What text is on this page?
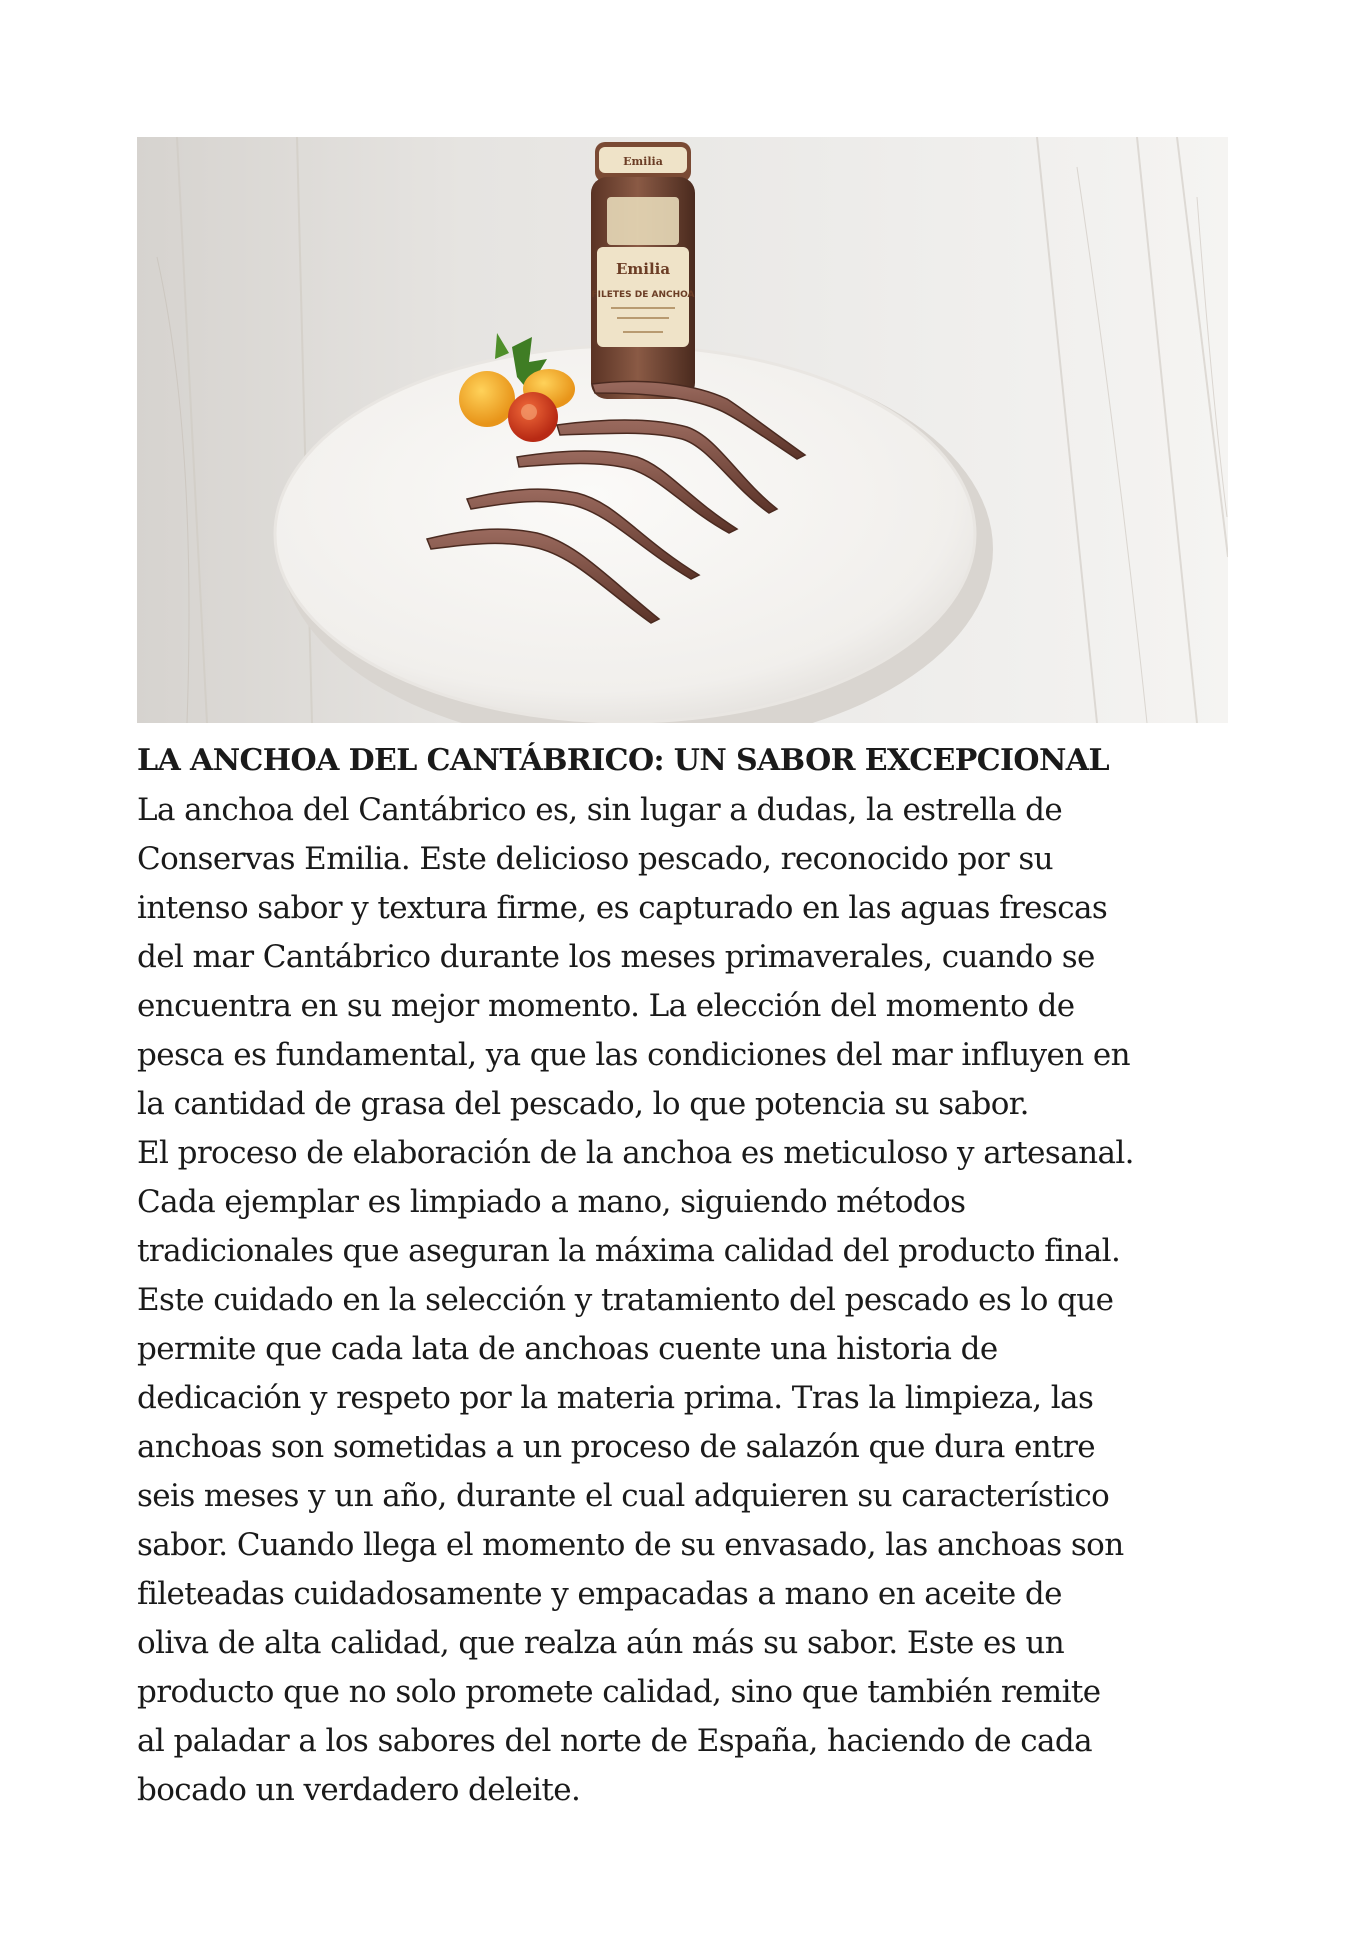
Emilia
Emilia
FILETES DE ANCHOA
LA ANCHOA DEL CANTÁBRICO: UN SABOR EXCEPCIONAL

La anchoa del Cantábrico es, sin lugar a dudas, la estrella de
Conservas Emilia. Este delicioso pescado, reconocido por su
intenso sabor y textura firme, es capturado en las aguas frescas
del mar Cantábrico durante los meses primaverales, cuando se
encuentra en su mejor momento. La elección del momento de
pesca es fundamental, ya que las condiciones del mar influyen en
la cantidad de grasa del pescado, lo que potencia su sabor.

El proceso de elaboración de la anchoa es meticuloso y artesanal.
Cada ejemplar es limpiado a mano, siguiendo métodos
tradicionales que aseguran la máxima calidad del producto final.
Este cuidado en la selección y tratamiento del pescado es lo que
permite que cada lata de anchoas cuente una historia de
dedicación y respeto por la materia prima. Tras la limpieza, las
anchoas son sometidas a un proceso de salazón que dura entre
seis meses y un año, durante el cual adquieren su característico
sabor. Cuando llega el momento de su envasado, las anchoas son
fileteadas cuidadosamente y empacadas a mano en aceite de
oliva de alta calidad, que realza aún más su sabor. Este es un
producto que no solo promete calidad, sino que también remite
al paladar a los sabores del norte de España, haciendo de cada
bocado un verdadero deleite.
